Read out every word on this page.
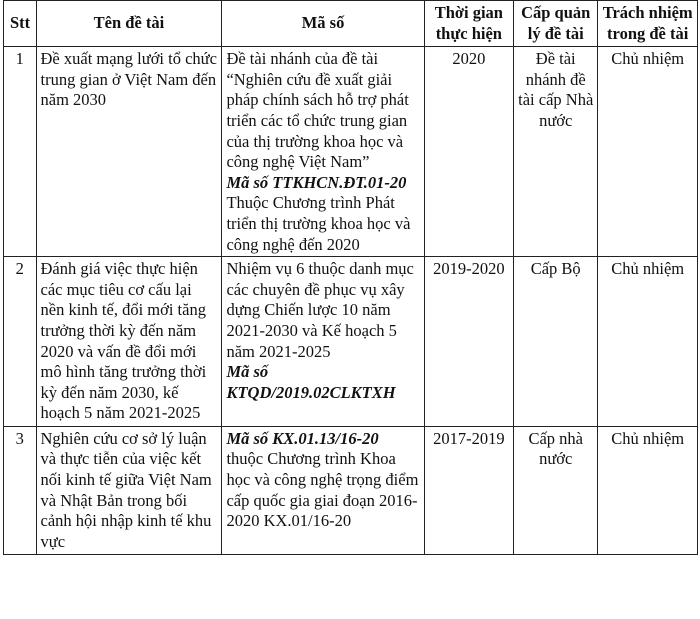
Stt	Tên đề tài	Mã số	Thời gian thực hiện	Cấp quản lý đề tài	Trách nhiệm trong đề tài
1	Đề xuất mạng lưới tổ chức trung gian ở Việt Nam đến năm 2030	Đề tài nhánh của đề tài “Nghiên cứu đề xuất giải pháp chính sách hỗ trợ phát triển các tổ chức trung gian của thị trường khoa học và công nghệ Việt Nam”
Mã số TTKHCN.ĐT.01-20
Thuộc Chương trình Phát triển thị trường khoa học và công nghệ đến 2020	2020	Đề tài nhánh đề tài cấp Nhà nước	Chủ nhiệm
2	Đánh giá việc thực hiện các mục tiêu cơ cấu lại nền kinh tế, đổi mới tăng trưởng thời kỳ đến năm 2020 và vấn đề đổi mới mô hình tăng trưởng thời kỳ đến năm 2030, kế hoạch 5 năm 2021-2025	Nhiệm vụ 6 thuộc danh mục các chuyên đề phục vụ xây dựng Chiến lược 10 năm 2021-2030 và Kế hoạch 5 năm 2021-2025
Mã số KTQD/2019.02CLKTXH	2019-2020	Cấp Bộ	Chủ nhiệm
3	Nghiên cứu cơ sở lý luận và thực tiễn của việc kết nối kinh tế giữa Việt Nam và Nhật Bản trong bối cảnh hội nhập kinh tế khu vực	Mã số KX.01.13/16-20
thuộc Chương trình Khoa học và công nghệ trọng điểm cấp quốc gia giai đoạn 2016-2020 KX.01/16-20	2017-2019	Cấp nhà nước	Chủ nhiệm
